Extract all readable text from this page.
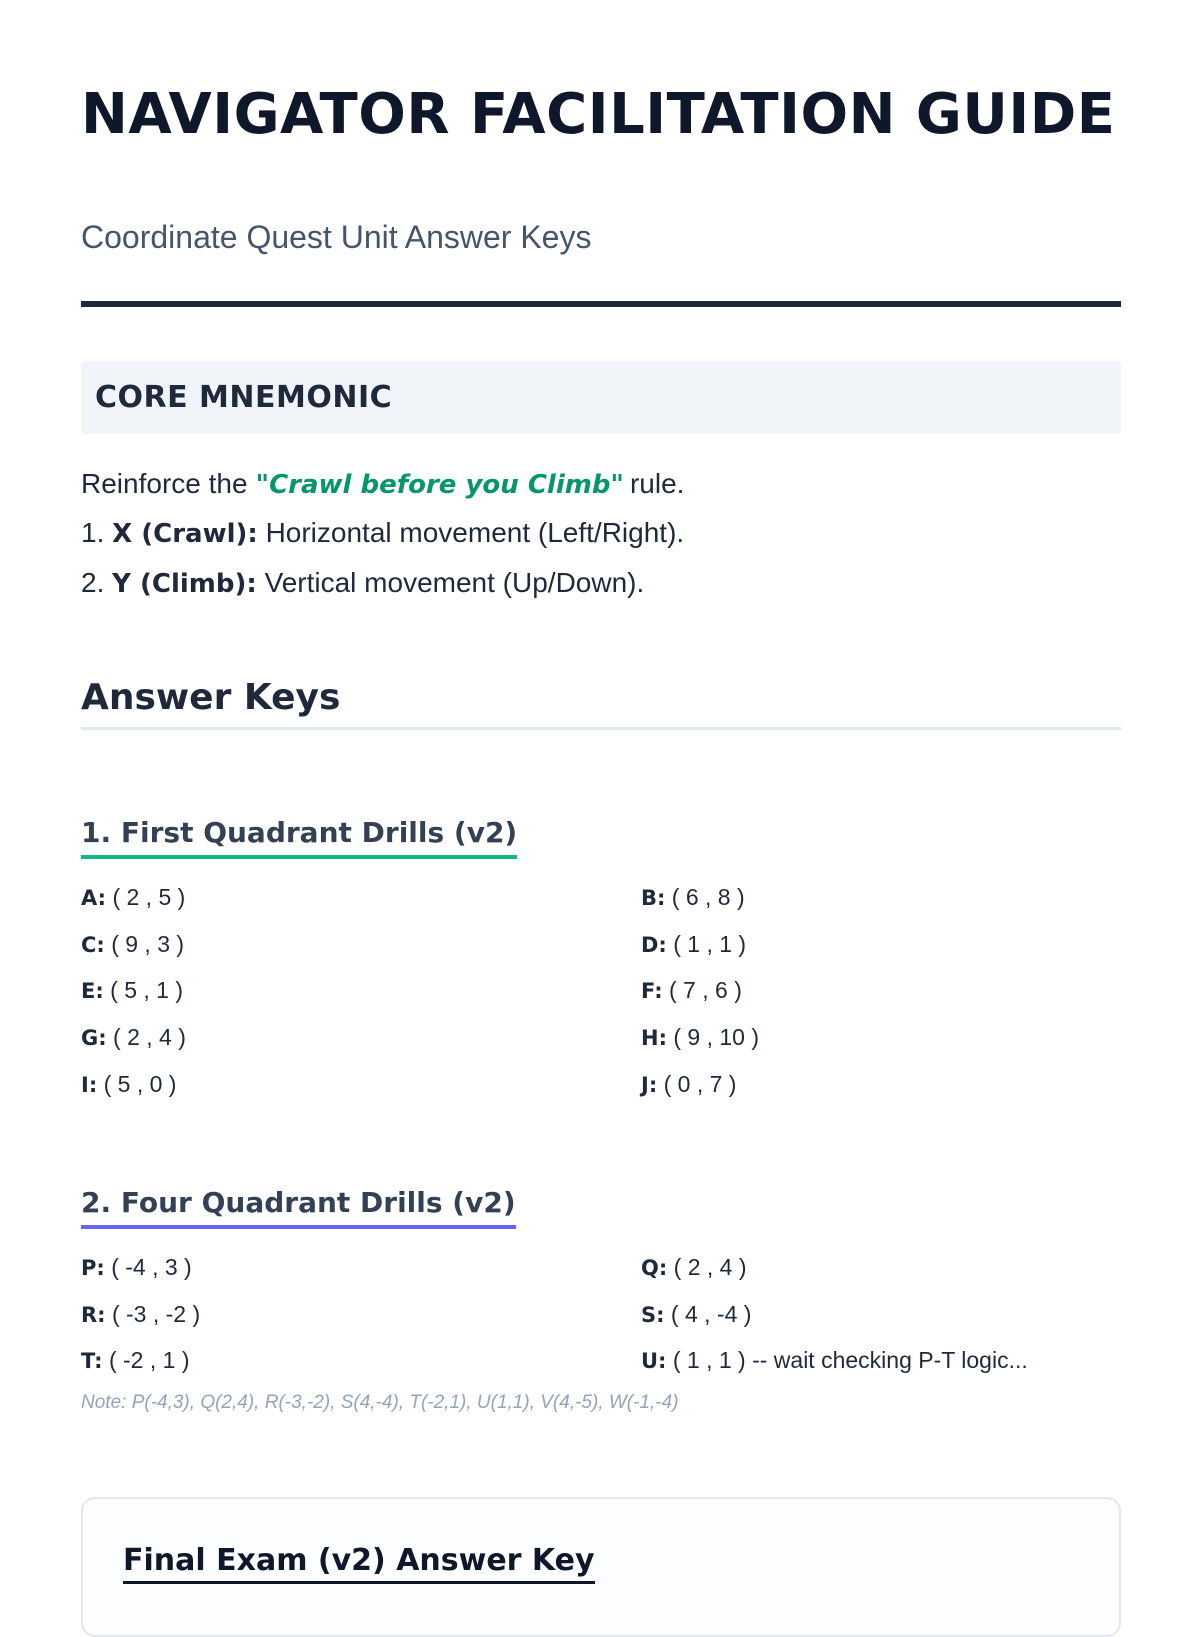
NAVIGATOR FACILITATION GUIDE

Coordinate Quest Unit Answer Keys

CORE MNEMONIC
Reinforce the "Crawl before you Climb" rule.
1. X (Crawl): Horizontal movement (Left/Right).
2. Y (Climb): Vertical movement (Up/Down).
Answer Keys
1. First Quadrant Drills (v2)
A: ( 2 , 5 )	B: ( 6 , 8 )
C: ( 9 , 3 )	D: ( 1 , 1 )
E: ( 5 , 1 )	F: ( 7 , 6 )
G: ( 2 , 4 )	H: ( 9 , 10 )
I: ( 5 , 0 )	J: ( 0 , 7 )
2. Four Quadrant Drills (v2)
P: ( -4 , 3 )	Q: ( 2 , 4 )
R: ( -3 , -2 )	S: ( 4 , -4 )
T: ( -2 , 1 )	U: ( 1 , 1 ) -- wait checking P-T logic...
Note: P(-4,3), Q(2,4), R(-3,-2), S(4,-4), T(-2,1), U(1,1), V(4,-5), W(-1,-4)
Final Exam (v2) Answer Key
